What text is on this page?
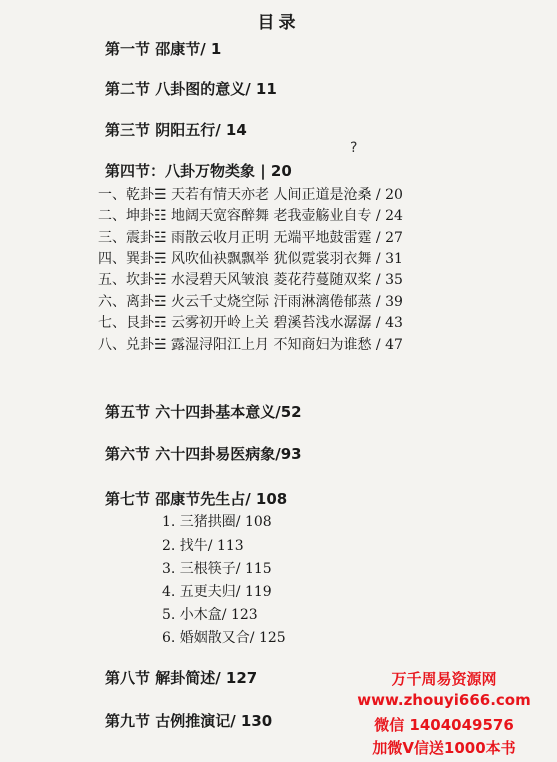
目录
第一节 邵康节/ 1
第二节 八卦图的意义/ 11
第三节 阴阳五行/ 14
?
第四节：八卦万物类象 | 20
一、乾卦☰ 天若有情天亦老 人间正道是沧桑 / 20
二、坤卦☷ 地阔天宽容醉舞 老我壶觞业自专 / 24
三、震卦☳ 雨散云收月正明 无端平地鼓雷霆 / 27
四、巽卦☴ 风吹仙袂飘飘举 犹似霓裳羽衣舞 / 31
五、坎卦☵ 水浸碧天风皱浪 菱花荇蔓随双桨 / 35
六、离卦☲ 火云千丈烧空际 汗雨淋漓倦郁蒸 / 39
七、艮卦☶ 云雾初开岭上关 碧溪苔浅水潺潺 / 43
八、兑卦☱ 露湿浔阳江上月 不知商妇为谁愁 / 47
第五节 六十四卦基本意义/52
第六节 六十四卦易医病象/93
第七节 邵康节先生占/ 108
1. 三猪拱圈/ 108
2. 找牛/ 113
3. 三根筷子/ 115
4. 五更夫归/ 119
5. 小木盒/ 123
6. 婚姻散又合/ 125
第八节 解卦简述/ 127
第九节 古例推演记/ 130
万千周易资源网
www.zhouyi666.com
微信 1404049576
加微V信送1000本书
